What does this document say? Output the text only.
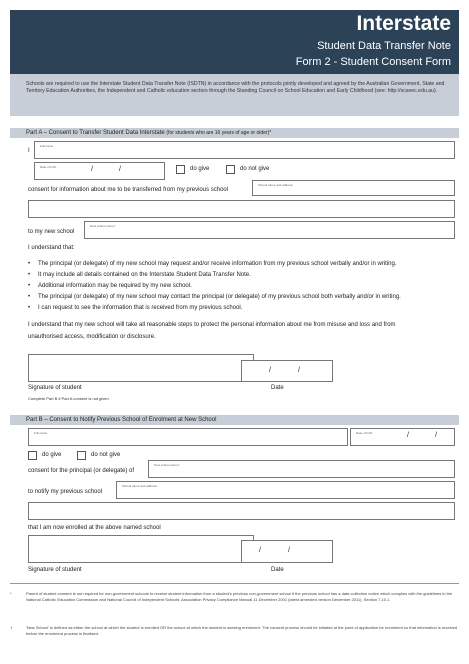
Interstate
Student Data Transfer Note
Form 2 - Student Consent Form

Schools are required to use the Interstate Student Data Transfer Note (ISDTN) in accordance with the protocols jointly developed and agreed by the Australian Government, State and Territory Education Authorities, the Independent and Catholic education sectors through the Standing Council on School Education and Early Childhood (see: http://scseec.edu.au).

Part A – Consent to Transfer Student Data Interstate (for students who are 16 years of age or older)*
I
Full name
Date of birth	/	/	do give	do not give
consent for information about me to be transferred from my previous school
School name and address
to my new school
New school name†
I understand that:
• The principal (or delegate) of my new school may request and/or receive information from my previous school verbally and/or in writing.
• It may include all details contained on the Interstate Student Data Transfer Note.
• Additional information may be required by my new school.
• The principal (or delegate) of my new school may contact the principal (or delegate) of my previous school both verbally and/or in writing.
• I can request to see the information that is received from my previous school.
I understand that my new school will take all reasonable steps to protect the personal information about me from misuse and loss and from
unauthorised access, modification or disclosure.
/	/
Signature of student	Date
Complete Part B if Part A consent is not given
Part B – Consent to Notify Previous School of Enrolment at New School
Full name	Date of birth	/	/
do give	do not give
consent for the principal (or delegate) of
New school name†
to notify my previous school
School name and address
that I am now enrolled at the above named school
/	/
Signature of student	Date
*	Parent of student consent is not required for non-government schools to receive student information from a student's previous non-government school if the previous school has a data collection notice which complies with the guidelines in the National Catholic Education Commission and National Council of Independent Schools' Association Privacy Compliance Manual 11 December 2001 (latest amended version December 2011), Section 7.10.1.
†	'New School' is defined as either the school at which the student is enrolled OR the school at which the student is seeking enrolment. The consent process should be initiated at the point of application for enrolment so that information is received before the enrolment process is finalised.
